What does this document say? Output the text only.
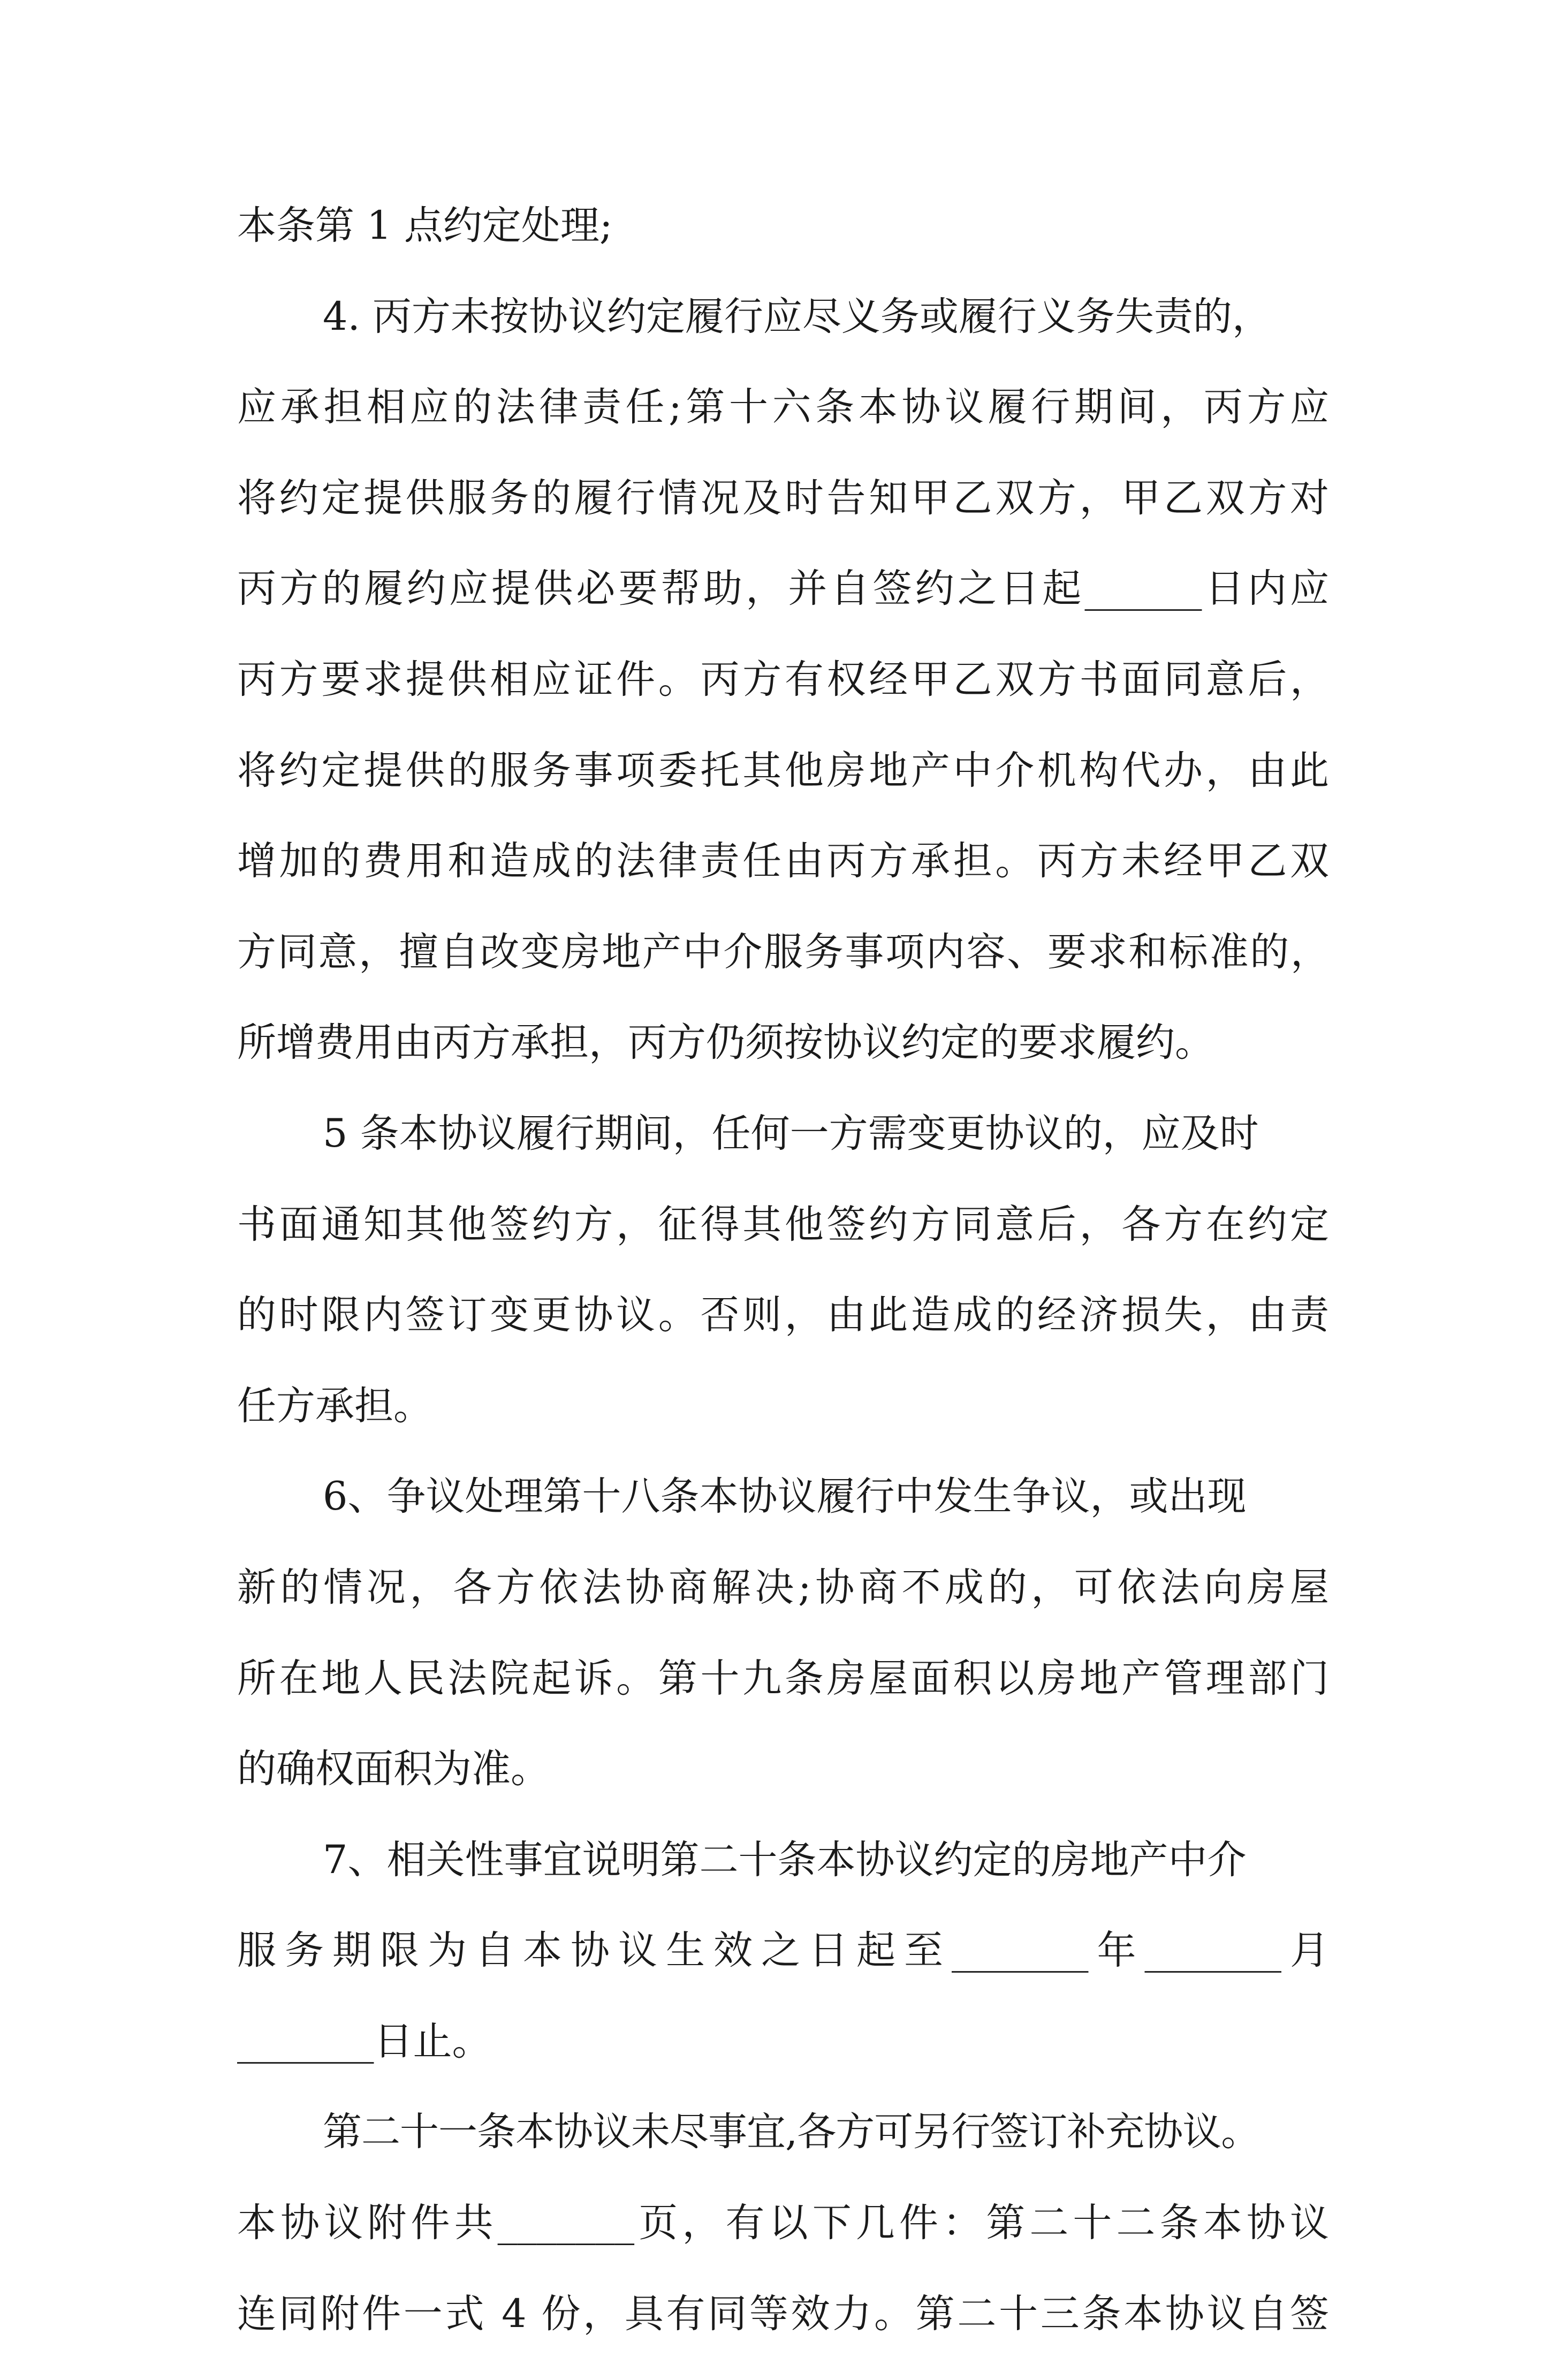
本条第 1 点约定处理;
4. 丙方未按协议约定履行应尽义务或履行义务失责的，
应承担相应的法律责任;第十六条本协议履行期间，丙方应
将约定提供服务的履行情况及时告知甲乙双方，甲乙双方对
丙方的履约应提供必要帮助，并自签约之日起______日内应
丙方要求提供相应证件。丙方有权经甲乙双方书面同意后，
将约定提供的服务事项委托其他房地产中介机构代办，由此
增加的费用和造成的法律责任由丙方承担。丙方未经甲乙双
方同意，擅自改变房地产中介服务事项内容、要求和标准的，
所增费用由丙方承担，丙方仍须按协议约定的要求履约。
5 条本协议履行期间，任何一方需变更协议的，应及时
书面通知其他签约方，征得其他签约方同意后，各方在约定
的时限内签订变更协议。否则，由此造成的经济损失，由责
任方承担。
6、争议处理第十八条本协议履行中发生争议，或出现
新的情况，各方依法协商解决;协商不成的，可依法向房屋
所在地人民法院起诉。第十九条房屋面积以房地产管理部门
的确权面积为准。
7、相关性事宜说明第二十条本协议约定的房地产中介
服务期限为自本协议生效之日起至_______年_______月
_______日止。
第二十一条本协议未尽事宜,各方可另行签订补充协议。
本协议附件共_______页，有以下几件：第二十二条本协议
连同附件一式 4 份，具有同等效力。第二十三条本协议自签
